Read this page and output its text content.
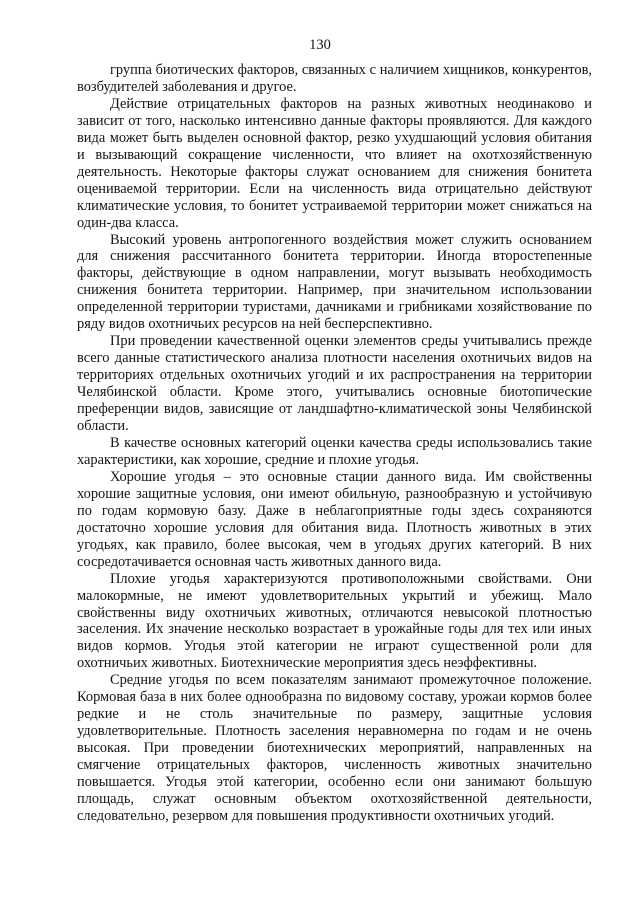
130

группа биотических факторов, связанных с наличием хищников, конкурентов, возбудителей заболевания и другое.

Действие отрицательных факторов на разных животных неодинаково и зависит от того, насколько интенсивно данные факторы проявляются. Для каждого вида может быть выделен основной фактор, резко ухудшающий условия обитания и вызывающий сокращение численности, что влияет на охотхозяйственную деятельность. Некоторые факторы служат основанием для снижения бонитета оцениваемой территории. Если на численность вида отрицательно действуют климатические условия, то бонитет устраиваемой территории может снижаться на один-два класса.

Высокий уровень антропогенного воздействия может служить основанием для снижения рассчитанного бонитета территории. Иногда второстепенные факторы, действующие в одном направлении, могут вызывать необходимость снижения бонитета территории. Например, при значительном использовании определенной территории туристами, дачниками и грибниками хозяйствование по ряду видов охотничьих ресурсов на ней бесперспективно.

При проведении качественной оценки элементов среды учитывались прежде всего данные статистического анализа плотности населения охотничьих видов на территориях отдельных охотничьих угодий и их распространения на территории Челябинской области. Кроме этого, учитывались основные биотопические преференции видов, зависящие от ландшафтно-климатической зоны Челябинской области.

В качестве основных категорий оценки качества среды использовались такие характеристики, как хорошие, средние и плохие угодья.

Хорошие угодья – это основные стации данного вида. Им свойственны хорошие защитные условия, они имеют обильную, разнообразную и устойчивую по годам кормовую базу. Даже в неблагоприятные годы здесь сохраняются достаточно хорошие условия для обитания вида. Плотность животных в этих угодьях, как правило, более высокая, чем в угодьях других категорий. В них сосредотачивается основная часть животных данного вида.

Плохие угодья характеризуются противоположными свойствами. Они малокормные, не имеют удовлетворительных укрытий и убежищ. Мало свойственны виду охотничьих животных, отличаются невысокой плотностью заселения. Их значение несколько возрастает в урожайные годы для тех или иных видов кормов. Угодья этой категории не играют существенной роли для охотничьих животных. Биотехнические мероприятия здесь неэффективны.

Средние угодья по всем показателям занимают промежуточное положение. Кормовая база в них более однообразна по видовому составу, урожаи кормов более редкие и не столь значительные по размеру, защитные условия удовлетворительные. Плотность заселения неравномерна по годам и не очень высокая. При проведении биотехнических мероприятий, направленных на смягчение отрицательных факторов, численность животных значительно повышается. Угодья этой категории, особенно если они занимают большую площадь, служат основным объектом охотхозяйственной деятельности, следовательно, резервом для повышения продуктивности охотничьих угодий.
